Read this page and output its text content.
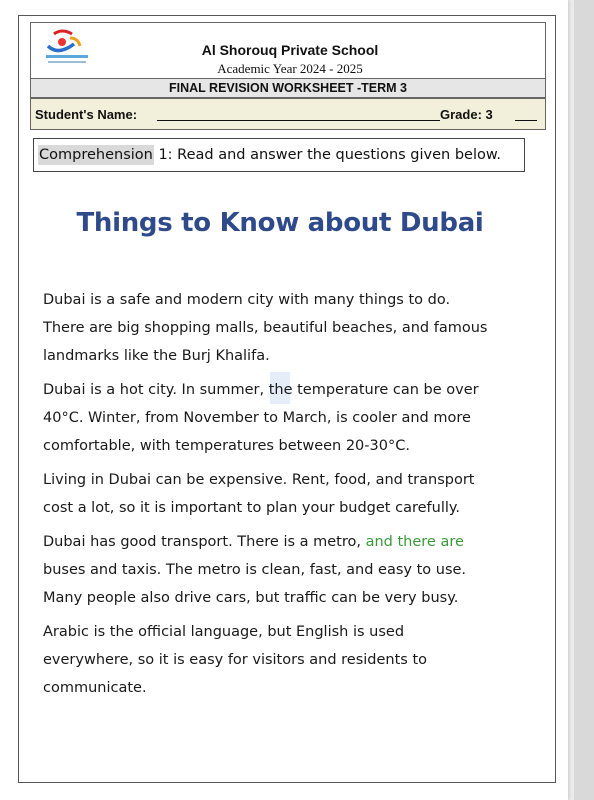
Al Shorouq Private School
Academic Year 2024 - 2025
FINAL REVISION WORKSHEET -TERM 3
Student's Name:	Grade: 3
Comprehension 1: Read and answer the questions given below.
Things to Know about Dubai

Dubai is a safe and modern city with many things to do.
There are big shopping malls, beautiful beaches, and famous
landmarks like the Burj Khalifa.

Dubai is a hot city. In summer, the temperature can be over
40°C. Winter, from November to March, is cooler and more
comfortable, with temperatures between 20-30°C.

Living in Dubai can be expensive. Rent, food, and transport
cost a lot, so it is important to plan your budget carefully.

Dubai has good transport. There is a metro, and there are
buses and taxis. The metro is clean, fast, and easy to use.
Many people also drive cars, but traffic can be very busy.

Arabic is the official language, but English is used
everywhere, so it is easy for visitors and residents to
communicate.
